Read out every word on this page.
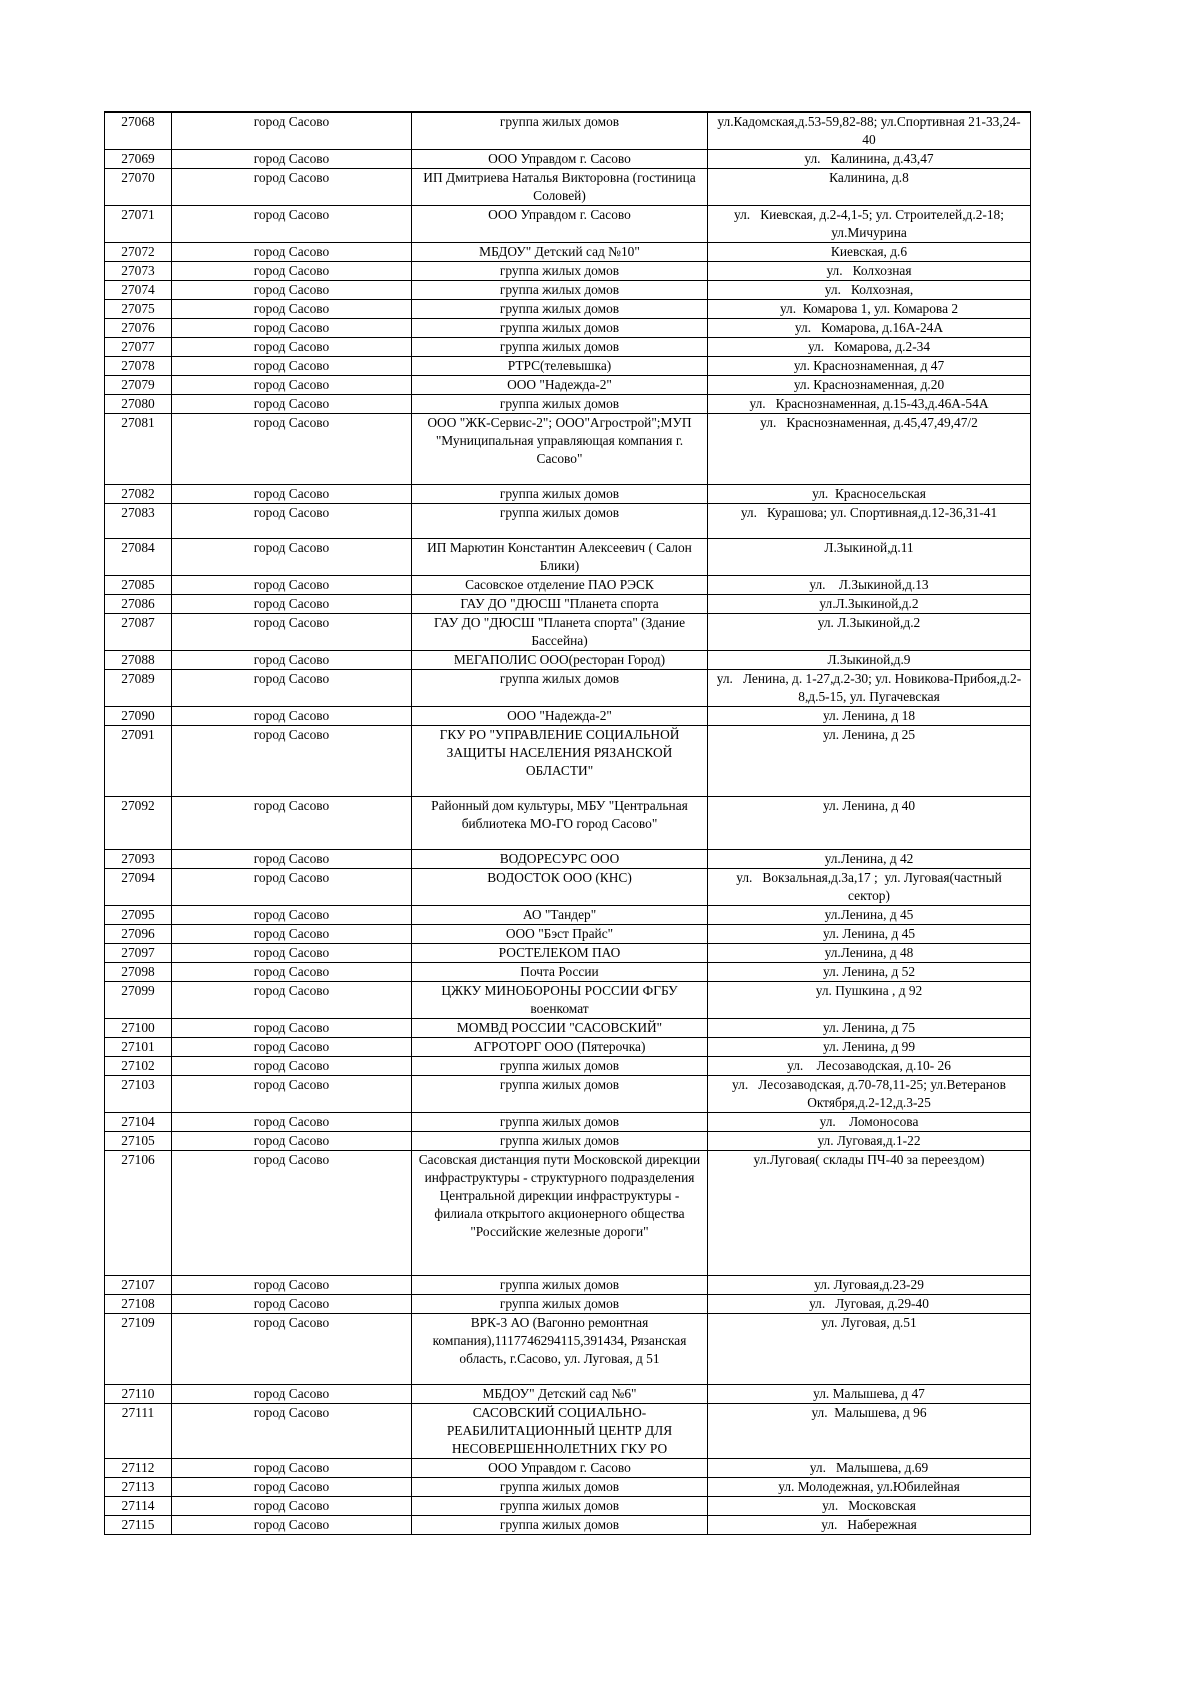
27068	город Сасово	группа жилых домов	ул.Кадомская,д.53-59,82-88; ул.Спортивная 21-33,24-40
27069	город Сасово	ООО Управдом г. Сасово	ул.   Калинина, д.43,47
27070	город Сасово	ИП Дмитриева Наталья Викторовна (гостиница Соловей)	Калинина, д.8
27071	город Сасово	ООО Управдом г. Сасово	ул.   Киевская, д.2-4,1-5; ул. Строителей,д.2-18; ул.Мичурина
27072	город Сасово	МБДОУ" Детский сад №10"	Киевская, д.6
27073	город Сасово	группа жилых домов	ул.   Колхозная
27074	город Сасово	группа жилых домов	ул.   Колхозная,
27075	город Сасово	группа жилых домов	ул.  Комарова 1, ул. Комарова 2
27076	город Сасово	группа жилых домов	ул.   Комарова, д.16А-24А
27077	город Сасово	группа жилых домов	ул.   Комарова, д.2-34
27078	город Сасово	РТРС(телевышка)	ул. Краснознаменная, д 47
27079	город Сасово	ООО "Надежда-2"	ул. Краснознаменная, д.20
27080	город Сасово	группа жилых домов	ул.   Краснознаменная, д.15-43,д.46А-54А
27081	город Сасово	ООО "ЖК-Сервис-2"; ООО"Агрострой";МУП "Муниципальная управляющая компания г. Сасово"	ул.   Краснознаменная, д.45,47,49,47/2
27082	город Сасово	группа жилых домов	ул.  Красносельская
27083	город Сасово	группа жилых домов	ул.   Курашова; ул. Спортивная,д.12-36,31-41
27084	город Сасово	ИП Марютин Константин Алексеевич ( Салон Блики)	Л.Зыкиной,д.11
27085	город Сасово	Сасовское отделение ПАО РЭСК	ул.    Л.Зыкиной,д.13
27086	город Сасово	ГАУ ДО "ДЮСШ "Планета спорта	ул.Л.Зыкиной,д.2
27087	город Сасово	ГАУ ДО "ДЮСШ "Планета спорта" (Здание Бассейна)	ул. Л.Зыкиной,д.2
27088	город Сасово	МЕГАПОЛИС ООО(ресторан Город)	Л.Зыкиной,д.9
27089	город Сасово	группа жилых домов	ул.   Ленина, д. 1-27,д.2-30; ул. Новикова-Прибоя,д.2-8,д.5-15, ул. Пугачевская
27090	город Сасово	ООО "Надежда-2"	ул. Ленина, д 18
27091	город Сасово	ГКУ РО "УПРАВЛЕНИЕ СОЦИАЛЬНОЙ ЗАЩИТЫ НАСЕЛЕНИЯ РЯЗАНСКОЙ ОБЛАСТИ"	ул. Ленина, д 25
27092	город Сасово	Районный дом культуры, МБУ "Центральная библиотека МО-ГО город Сасово"	ул. Ленина, д 40
27093	город Сасово	ВОДОРЕСУРС ООО	ул.Ленина, д 42
27094	город Сасово	ВОДОСТОК ООО (КНС)	ул.   Вокзальная,д.3а,17 ;  ул. Луговая(частный сектор)
27095	город Сасово	АО "Тандер"	ул.Ленина, д 45
27096	город Сасово	ООО "Бэст Прайс"	ул. Ленина, д 45
27097	город Сасово	РОСТЕЛЕКОМ ПАО	ул.Ленина, д 48
27098	город Сасово	Почта России	ул. Ленина, д 52
27099	город Сасово	ЦЖКУ МИНОБОРОНЫ РОССИИ ФГБУ военкомат	ул. Пушкина , д 92
27100	город Сасово	МОМВД РОССИИ "САСОВСКИЙ"	ул. Ленина, д 75
27101	город Сасово	АГРОТОРГ ООО (Пятерочка)	ул. Ленина, д 99
27102	город Сасово	группа жилых домов	ул.    Лесозаводская, д.10- 26
27103	город Сасово	группа жилых домов	ул.   Лесозаводская, д.70-78,11-25; ул.Ветеранов Октября,д.2-12,д.3-25
27104	город Сасово	группа жилых домов	ул.    Ломоносова
27105	город Сасово	группа жилых домов	ул. Луговая,д.1-22
27106	город Сасово	Сасовская дистанция пути Московской дирекции инфраструктуры - структурного подразделения Центральной дирекции инфраструктуры - филиала открытого акционерного общества "Российские железные дороги"	ул.Луговая( склады ПЧ-40 за переездом)
27107	город Сасово	группа жилых домов	ул. Луговая,д.23-29
27108	город Сасово	группа жилых домов	ул.   Луговая, д.29-40
27109	город Сасово	ВРК-3 АО (Вагонно ремонтная компания),1117746294115,391434, Рязанская область, г.Сасово, ул. Луговая, д 51	ул. Луговая, д.51
27110	город Сасово	МБДОУ" Детский сад №6"	ул. Малышева, д 47
27111	город Сасово	САСОВСКИЙ СОЦИАЛЬНО-РЕАБИЛИТАЦИОННЫЙ ЦЕНТР ДЛЯ НЕСОВЕРШЕННОЛЕТНИХ ГКУ РО	ул.  Малышева, д 96
27112	город Сасово	ООО Управдом г. Сасово	ул.   Малышева, д.69
27113	город Сасово	группа жилых домов	ул. Молодежная, ул.Юбилейная
27114	город Сасово	группа жилых домов	ул.   Московская
27115	город Сасово	группа жилых домов	ул.   Набережная
